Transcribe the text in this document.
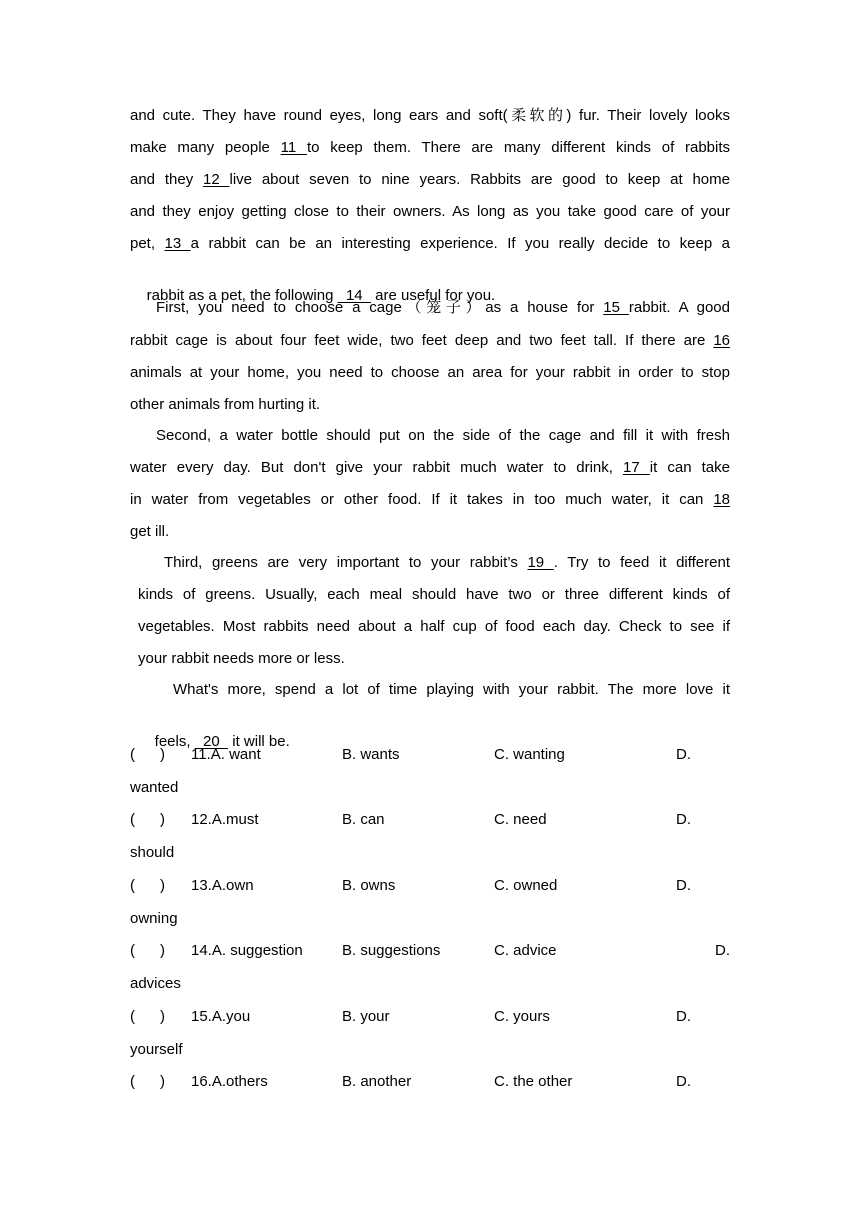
and cute. They have round eyes, long ears and soft(柔软的) fur. Their lovely looks
make many people 11 to keep them. There are many different kinds of rabbits
and they 12 live about seven to nine years. Rabbits are good to keep at home
and they enjoy getting close to their owners. As long as you take good care of your
pet, 13 a rabbit can be an interesting experience. If you really decide to keep a

rabbit as a pet, the following   14   are useful for you.

First, you need to choose a cage（笼子）as a house for 15 rabbit. A good
rabbit cage is about four feet wide, two feet deep and two feet tall. If there are 16
animals at your home, you need to choose an area for your rabbit in order to stop
other animals from hurting it.
Second, a water bottle should put on the side of the cage and fill it with fresh
water every day. But don't give your rabbit much water to drink, 17 it can take
in water from vegetables or other food. If it takes in too much water, it can 18
get ill.
Third, greens are very important to your rabbit’s 19 . Try to feed it different
kinds of greens. Usually, each meal should have two or three different kinds of
vegetables. Most rabbits need about a half cup of food each day. Check to see if
your rabbit needs more or less.
What's more, spend a lot of time playing with your rabbit. The more love it

feels,   20   it will be.

(      ) 11.A. want	B. wants	C. wanting	D.
wanted
(      ) 12.A.must	B. can	C. need	D.
should
(      ) 13.A.own	B. owns	C. owned	D.
owning
(      ) 14.A. suggestion	B. suggestions	C. advice	D.
advices
(      ) 15.A.you	B. your	C. yours	D.
yourself
(      ) 16.A.others	B. another	C. the other	D.
